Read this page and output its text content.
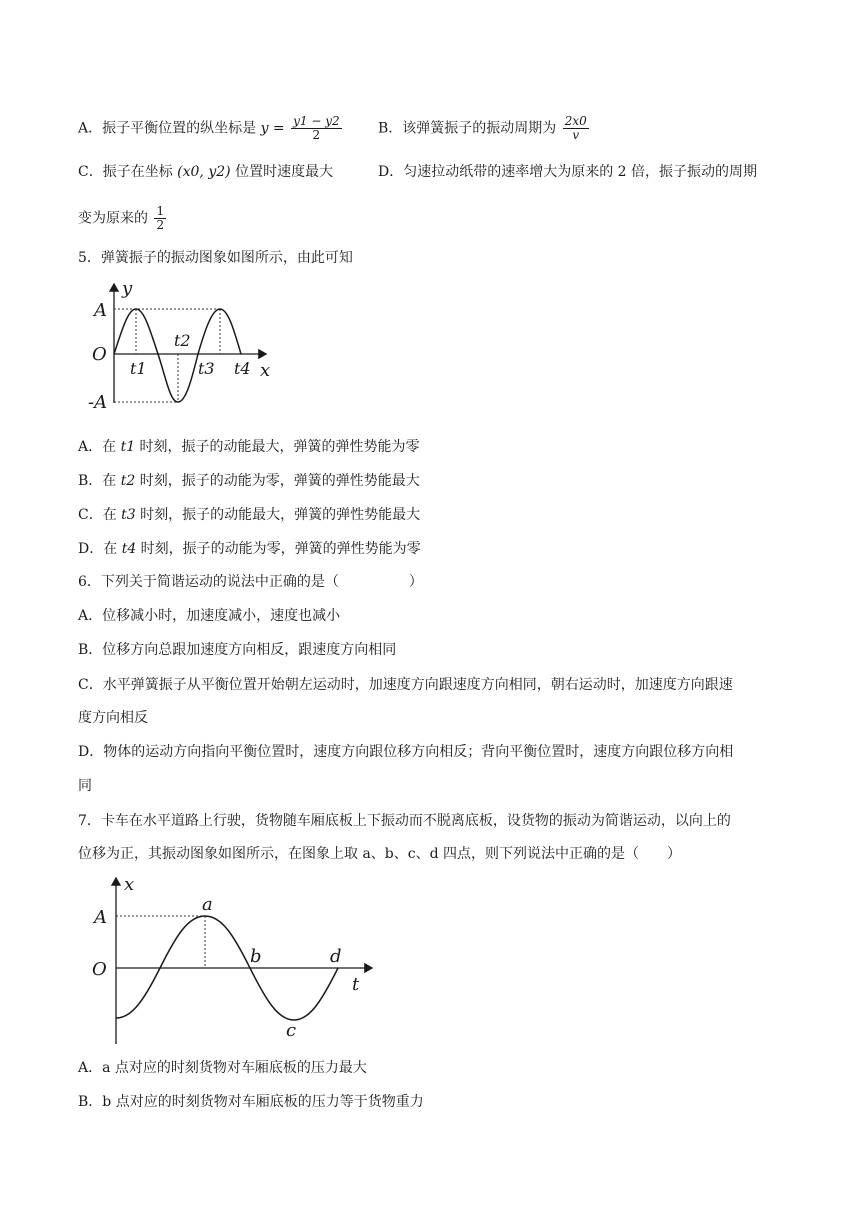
A．振子平衡位置的纵坐标是 $y = \frac{y1 - y2}{2}$	B．该弹簧振子的振动周期为 $\frac{2x0}{v}$
C．振子在坐标 (x0, y2) 位置时速度最大	D．匀速拉动纸带的速率增大为原来的 2 倍，振子振动的周期
变为原来的 $\frac{1}{2}$
5．弹簧振子的振动图象如图所示，由此可知
y
x
O
A
-A
t1
t2
t3 t4
A．在 t1 时刻，振子的动能最大，弹簧的弹性势能为零
B．在 t2 时刻，振子的动能为零，弹簧的弹性势能最大
C．在 t3 时刻，振子的动能最大，弹簧的弹性势能最大
D．在 t4 时刻，振子的动能为零，弹簧的弹性势能为零
6．下列关于简谐运动的说法中正确的是（　　　　　）
A．位移减小时，加速度减小，速度也减小
B．位移方向总跟加速度方向相反，跟速度方向相同
C．水平弹簧振子从平衡位置开始朝左运动时，加速度方向跟速度方向相同，朝右运动时，加速度方向跟速
度方向相反
D．物体的运动方向指向平衡位置时，速度方向跟位移方向相反；背向平衡位置时，速度方向跟位移方向相
同
7．卡车在水平道路上行驶，货物随车厢底板上下振动而不脱离底板，设货物的振动为简谐运动，以向上的
位移为正，其振动图象如图所示，在图象上取 a、b、c、d 四点，则下列说法中正确的是（　　）
x
t
O
A
a
b
c
d
A．a 点对应的时刻货物对车厢底板的压力最大
B．b 点对应的时刻货物对车厢底板的压力等于货物重力
